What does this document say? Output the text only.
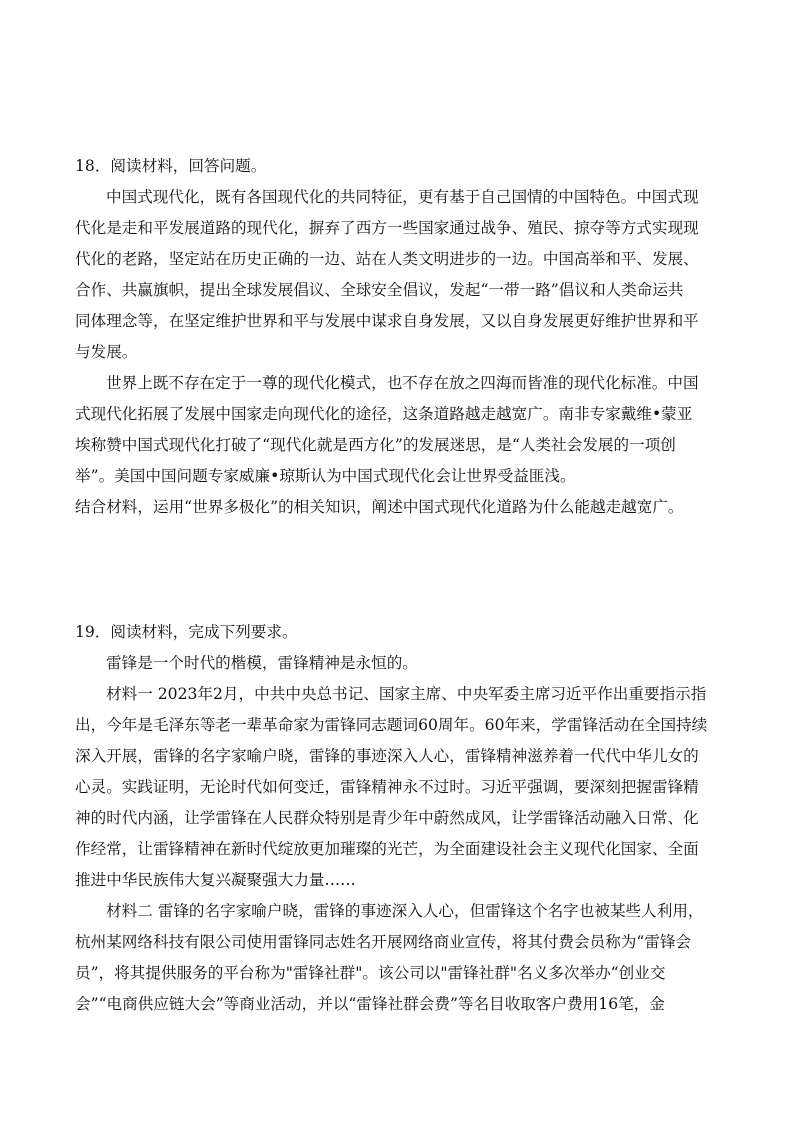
18．阅读材料，回答问题。
中国式现代化，既有各国现代化的共同特征，更有基于自己国情的中国特色。中国式现
代化是走和平发展道路的现代化，摒弃了西方一些国家通过战争、殖民、掠夺等方式实现现
代化的老路，坚定站在历史正确的一边、站在人类文明进步的一边。中国高举和平、发展、
合作、共赢旗帜，提出全球发展倡议、全球安全倡议，发起“一带一路”倡议和人类命运共
同体理念等，在坚定维护世界和平与发展中谋求自身发展，又以自身发展更好维护世界和平
与发展。
世界上既不存在定于一尊的现代化模式，也不存在放之四海而皆准的现代化标准。中国
式现代化拓展了发展中国家走向现代化的途径，这条道路越走越宽广。南非专家戴维•蒙亚
埃称赞中国式现代化打破了“现代化就是西方化”的发展迷思，是“人类社会发展的一项创
举”。美国中国问题专家威廉•琼斯认为中国式现代化会让世界受益匪浅。
结合材料，运用“世界多极化”的相关知识，阐述中国式现代化道路为什么能越走越宽广。
19．阅读材料，完成下列要求。
雷锋是一个时代的楷模，雷锋精神是永恒的。
材料一 2023年2月，中共中央总书记、国家主席、中央军委主席习近平作出重要指示指
出，今年是毛泽东等老一辈革命家为雷锋同志题词60周年。60年来，学雷锋活动在全国持续
深入开展，雷锋的名字家喻户晓，雷锋的事迹深入人心，雷锋精神滋养着一代代中华儿女的
心灵。实践证明，无论时代如何变迁，雷锋精神永不过时。习近平强调，要深刻把握雷锋精
神的时代内涵，让学雷锋在人民群众特别是青少年中蔚然成风，让学雷锋活动融入日常、化
作经常，让雷锋精神在新时代绽放更加璀璨的光芒，为全面建设社会主义现代化国家、全面
推进中华民族伟大复兴凝聚强大力量……
材料二 雷锋的名字家喻户晓，雷锋的事迹深入人心，但雷锋这个名字也被某些人利用，
杭州某网络科技有限公司使用雷锋同志姓名开展网络商业宣传，将其付费会员称为“雷锋会
员”，将其提供服务的平台称为"雷锋社群"。该公司以"雷锋社群"名义多次举办“创业交
会”“电商供应链大会”等商业活动，并以“雷锋社群会费”等名目收取客户费用16笔，金
